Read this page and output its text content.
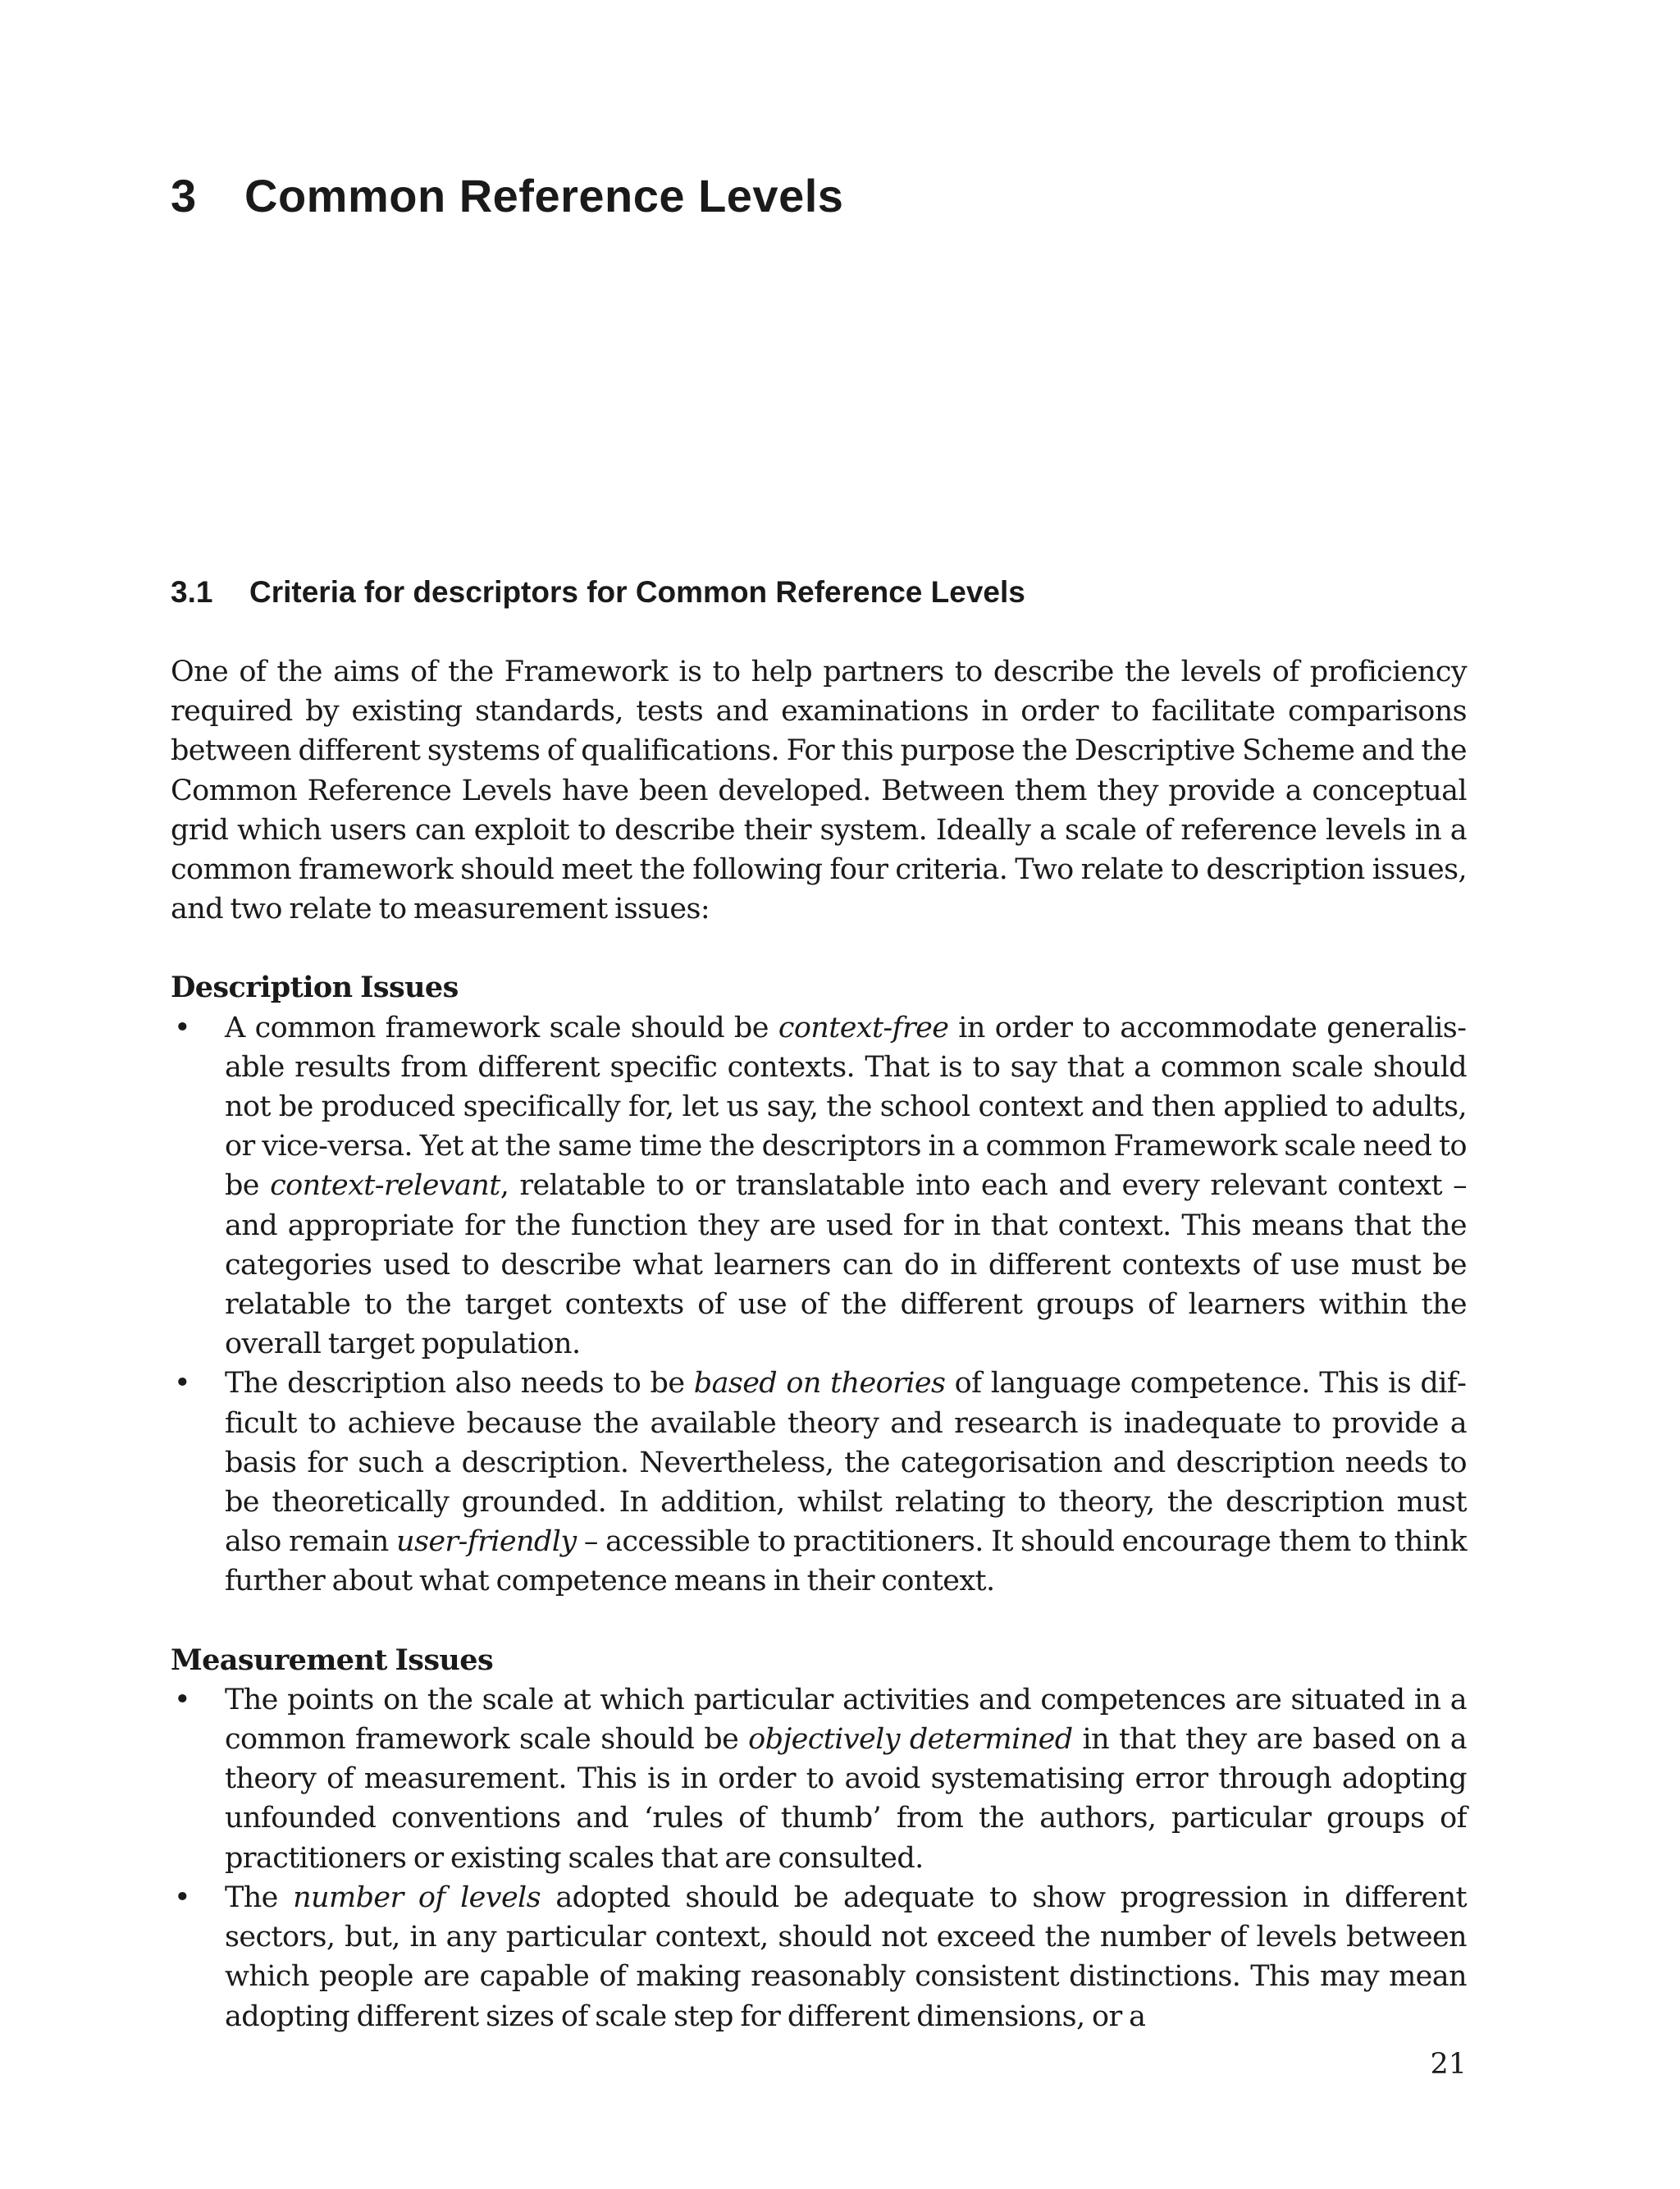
3 Common Reference Levels
3.1 Criteria for descriptors for Common Reference Levels

One of the aims of the Framework is to help partners to describe the levels of proficiency required by existing standards, tests and examinations in order to facilitate comparisons between different systems of qualifications. For this purpose the Descriptive Scheme and the Common Reference Levels have been developed. Between them they provide a conceptual grid which users can exploit to describe their system. Ideally a scale of reference levels in a common framework should meet the following four criteria. Two relate to description issues, and two relate to measurement issues:

Description Issues

• A common framework scale should be context-free in order to accommodate generalisable results from different specific contexts. That is to say that a common scale should not be produced specifically for, let us say, the school context and then applied to adults, or vice-versa. Yet at the same time the descriptors in a common Framework scale need to be context-relevant, relatable to or translatable into each and every relevant context – and appropriate for the function they are used for in that context. This means that the categories used to describe what learners can do in different contexts of use must be relatable to the target contexts of use of the different groups of learners within the overall target population.
• The description also needs to be based on theories of language competence. This is difficult to achieve because the available theory and research is inadequate to provide a basis for such a description. Nevertheless, the categorisation and description needs to be theoretically grounded. In addition, whilst relating to theory, the description must also remain user-friendly – accessible to practitioners. It should encourage them to think further about what competence means in their context.

Measurement Issues

• The points on the scale at which particular activities and competences are situated in a common framework scale should be objectively determined in that they are based on a theory of measurement. This is in order to avoid systematising error through adopting unfounded conventions and ‘rules of thumb’ from the authors, particular groups of practitioners or existing scales that are consulted.
• The number of levels adopted should be adequate to show progression in different sectors, but, in any particular context, should not exceed the number of levels between which people are capable of making reasonably consistent distinctions. This may mean adopting different sizes of scale step for different dimensions, or a

21
